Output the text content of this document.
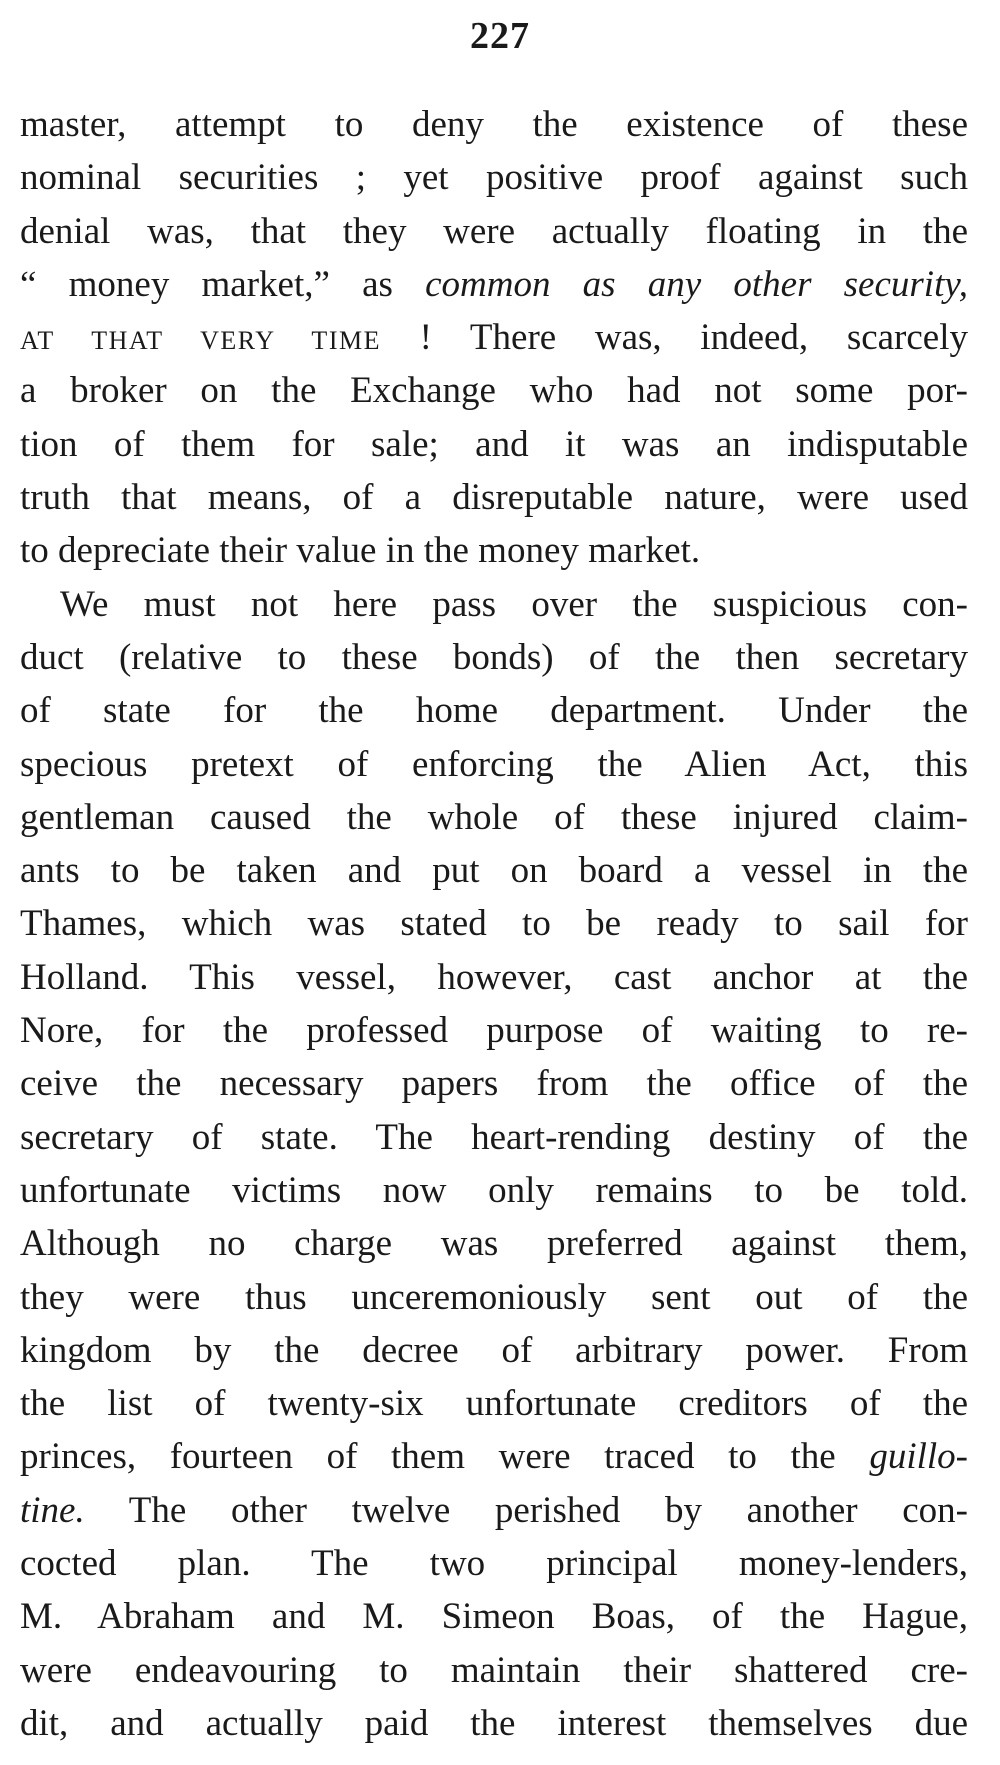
227
master, attempt to deny the existence of these
nominal securities ; yet positive proof against such
denial was, that they were actually floating in the
“ money market,” as common as any other security,
AT THAT VERY TIME ! There was, indeed, scarcely
a broker on the Exchange who had not some por-
tion of them for sale; and it was an indisputable
truth that means, of a disreputable nature, were used
to depreciate their value in the money market.
We must not here pass over the suspicious con-
duct (relative to these bonds) of the then secretary
of state for the home department. Under the
specious pretext of enforcing the Alien Act, this
gentleman caused the whole of these injured claim-
ants to be taken and put on board a vessel in the
Thames, which was stated to be ready to sail for
Holland. This vessel, however, cast anchor at the
Nore, for the professed purpose of waiting to re-
ceive the necessary papers from the office of the
secretary of state. The heart-rending destiny of the
unfortunate victims now only remains to be told.
Although no charge was preferred against them,
they were thus unceremoniously sent out of the
kingdom by the decree of arbitrary power. From
the list of twenty-six unfortunate creditors of the
princes, fourteen of them were traced to the guillo-
tine. The other twelve perished by another con-
cocted plan. The two principal money-lenders,
M. Abraham and M. Simeon Boas, of the Hague,
were endeavouring to maintain their shattered cre-
dit, and actually paid the interest themselves due
